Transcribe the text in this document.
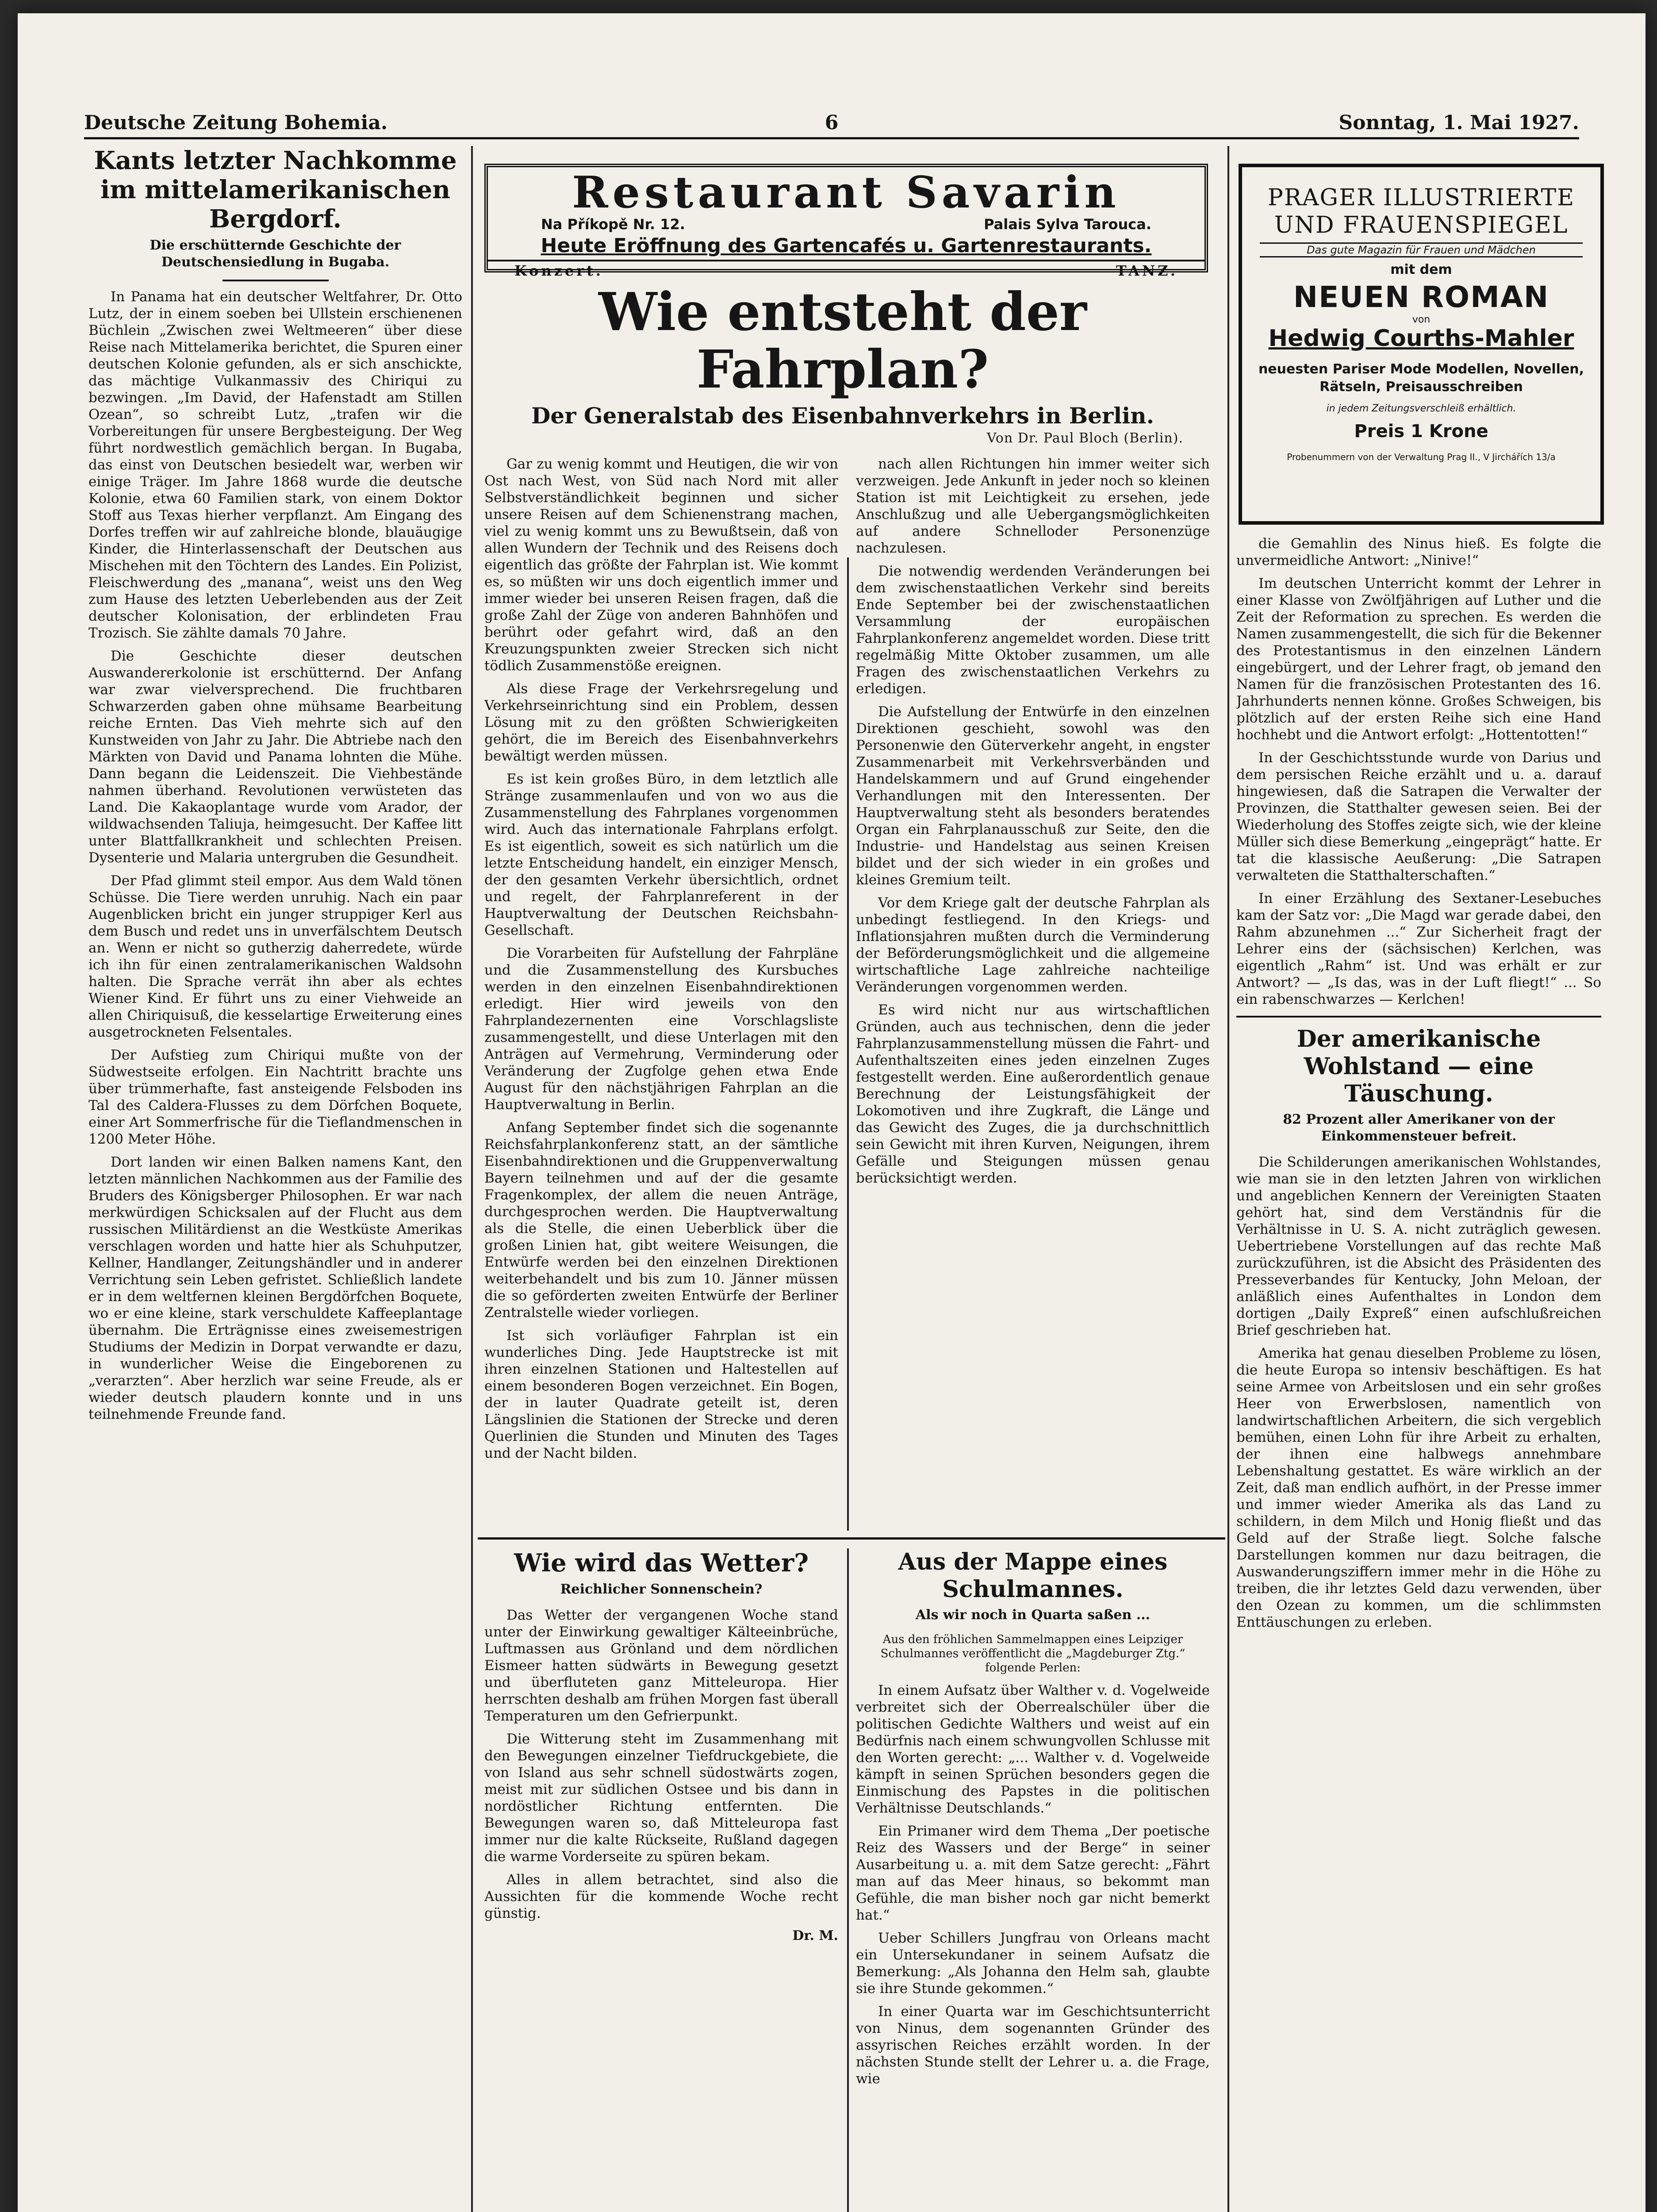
Deutsche Zeitung Bohemia.	6	Sonntag, 1. Mai 1927.
Kants letzter Nachkomme im mittelamerikanischen Bergdorf.
Die erschütternde Geschichte der Deutschensiedlung in Bugaba.

In Panama hat ein deutscher Weltfahrer, Dr. Otto Lutz, der in einem soeben bei Ullstein erschienenen Büchlein „Zwischen zwei Weltmeeren“ über diese Reise nach Mittelamerika berichtet, die Spuren einer deutschen Kolonie gefunden, als er sich anschickte, das mächtige Vulkanmassiv des Chiriqui zu bezwingen. „Im David, der Hafenstadt am Stillen Ozean“, so schreibt Lutz, „trafen wir die Vorbereitungen für unsere Bergbesteigung. Der Weg führt nordwestlich gemächlich bergan. In Bugaba, das einst von Deutschen besiedelt war, werben wir einige Träger. Im Jahre 1868 wurde die deutsche Kolonie, etwa 60 Familien stark, von einem Doktor Stoff aus Texas hierher verpflanzt. Am Eingang des Dorfes treffen wir auf zahlreiche blonde, blauäugige Kinder, die Hinterlassenschaft der Deutschen aus Mischehen mit den Töchtern des Landes. Ein Polizist, Fleischwerdung des „manana“, weist uns den Weg zum Hause des letzten Ueberlebenden aus der Zeit deutscher Kolonisation, der erblindeten Frau Trozisch. Sie zählte damals 70 Jahre.

Die Geschichte dieser deutschen Auswandererkolonie ist erschütternd. Der Anfang war zwar vielversprechend. Die fruchtbaren Schwarzerden gaben ohne mühsame Bearbeitung reiche Ernten. Das Vieh mehrte sich auf den Kunstweiden von Jahr zu Jahr. Die Abtriebe nach den Märkten von David und Panama lohnten die Mühe. Dann begann die Leidenszeit. Die Viehbestände nahmen überhand. Revolutionen verwüsteten das Land. Die Kakaoplantage wurde vom Arador, der wildwachsenden Taliuja, heimgesucht. Der Kaffee litt unter Blattfallkrankheit und schlechten Preisen. Dysenterie und Malaria untergruben die Gesundheit.

Der Pfad glimmt steil empor. Aus dem Wald tönen Schüsse. Die Tiere werden unruhig. Nach ein paar Augenblicken bricht ein junger struppiger Kerl aus dem Busch und redet uns in unverfälschtem Deutsch an. Wenn er nicht so gutherzig daherredete, würde ich ihn für einen zentralamerikanischen Waldsohn halten. Die Sprache verrät ihn aber als echtes Wiener Kind. Er führt uns zu einer Viehweide an allen Chiriquisuß, die kesselartige Erweiterung eines ausgetrockneten Felsentales.

Der Aufstieg zum Chiriqui mußte von der Südwestseite erfolgen. Ein Nachtritt brachte uns über trümmerhafte, fast ansteigende Felsboden ins Tal des Caldera-Flusses zu dem Dörfchen Boquete, einer Art Sommerfrische für die Tieflandmenschen in 1200 Meter Höhe.

Dort landen wir einen Balken namens Kant, den letzten männlichen Nachkommen aus der Familie des Bruders des Königsberger Philosophen. Er war nach merkwürdigen Schicksalen auf der Flucht aus dem russischen Militärdienst an die Westküste Amerikas verschlagen worden und hatte hier als Schuhputzer, Kellner, Handlanger, Zeitungshändler und in anderer Verrichtung sein Leben gefristet. Schließlich landete er in dem weltfernen kleinen Bergdörfchen Boquete, wo er eine kleine, stark verschuldete Kaffeeplantage übernahm. Die Erträgnisse eines zweisemestrigen Studiums der Medizin in Dorpat verwandte er dazu, in wunderlicher Weise die Eingeborenen zu „verarzten“. Aber herzlich war seine Freude, als er wieder deutsch plaudern konnte und in uns teilnehmende Freunde fand.

Restaurant Savarin
Na Příkopě Nr. 12.	Palais Sylva Tarouca.
Heute Eröffnung des Gartencafés u. Gartenrestaurants.
Konzert.	TANZ.
Wie entsteht der Fahrplan?
Der Generalstab des Eisenbahnverkehrs in Berlin.
Von Dr. Paul Bloch (Berlin).

Gar zu wenig kommt und Heutigen, die wir von Ost nach West, von Süd nach Nord mit aller Selbstverständlichkeit beginnen und sicher unsere Reisen auf dem Schienenstrang machen, viel zu wenig kommt uns zu Bewußtsein, daß von allen Wundern der Technik und des Reisens doch eigentlich das größte der Fahrplan ist. Wie kommt es, so müßten wir uns doch eigentlich immer und immer wieder bei unseren Reisen fragen, daß die große Zahl der Züge von anderen Bahnhöfen und berührt oder gefahrt wird, daß an den Kreuzungspunkten zweier Strecken sich nicht tödlich Zusammenstöße ereignen.

Als diese Frage der Verkehrsregelung und Verkehrseinrichtung sind ein Problem, dessen Lösung mit zu den größten Schwierigkeiten gehört, die im Bereich des Eisenbahnverkehrs bewältigt werden müssen.

Es ist kein großes Büro, in dem letztlich alle Stränge zusammenlaufen und von wo aus die Zusammenstellung des Fahrplanes vorgenommen wird. Auch das internationale Fahrplans erfolgt. Es ist eigentlich, soweit es sich natürlich um die letzte Entscheidung handelt, ein einziger Mensch, der den gesamten Verkehr übersichtlich, ordnet und regelt, der Fahrplanreferent in der Hauptverwaltung der Deutschen Reichsbahn-Gesellschaft.

Die Vorarbeiten für Aufstellung der Fahrpläne und die Zusammenstellung des Kursbuches werden in den einzelnen Eisenbahndirektionen erledigt. Hier wird jeweils von den Fahrplandezernenten eine Vorschlagsliste zusammengestellt, und diese Unterlagen mit den Anträgen auf Vermehrung, Verminderung oder Veränderung der Zugfolge gehen etwa Ende August für den nächstjährigen Fahrplan an die Hauptverwaltung in Berlin.

Anfang September findet sich die sogenannte Reichsfahrplankonferenz statt, an der sämtliche Eisenbahndirektionen und die Gruppenverwaltung Bayern teilnehmen und auf der die gesamte Fragenkomplex, der allem die neuen Anträge, durchgesprochen werden. Die Hauptverwaltung als die Stelle, die einen Ueberblick über die großen Linien hat, gibt weitere Weisungen, die Entwürfe werden bei den einzelnen Direktionen weiterbehandelt und bis zum 10. Jänner müssen die so geförderten zweiten Entwürfe der Berliner Zentralstelle wieder vorliegen.

Ist sich vorläufiger Fahrplan ist ein wunderliches Ding. Jede Hauptstrecke ist mit ihren einzelnen Stationen und Haltestellen auf einem besonderen Bogen verzeichnet. Ein Bogen, der in lauter Quadrate geteilt ist, deren Längslinien die Stationen der Strecke und deren Querlinien die Stunden und Minuten des Tages und der Nacht bilden.

nach allen Richtungen hin immer weiter sich verzweigen. Jede Ankunft in jeder noch so kleinen Station ist mit Leichtigkeit zu ersehen, jede Anschlußzug und alle Uebergangsmöglichkeiten auf andere Schnelloder Personenzüge nachzulesen.

Die notwendig werdenden Veränderungen bei dem zwischenstaatlichen Verkehr sind bereits Ende September bei der zwischenstaatlichen Versammlung der europäischen Fahrplankonferenz angemeldet worden. Diese tritt regelmäßig Mitte Oktober zusammen, um alle Fragen des zwischenstaatlichen Verkehrs zu erledigen.

Die Aufstellung der Entwürfe in den einzelnen Direktionen geschieht, sowohl was den Personenwie den Güterverkehr angeht, in engster Zusammenarbeit mit Verkehrsverbänden und Handelskammern und auf Grund eingehender Verhandlungen mit den Interessenten. Der Hauptverwaltung steht als besonders beratendes Organ ein Fahrplanausschuß zur Seite, den die Industrie- und Handelstag aus seinen Kreisen bildet und der sich wieder in ein großes und kleines Gremium teilt.

Vor dem Kriege galt der deutsche Fahrplan als unbedingt festliegend. In den Kriegs- und Inflationsjahren mußten durch die Verminderung der Beförderungsmöglichkeit und die allgemeine wirtschaftliche Lage zahlreiche nachteilige Veränderungen vorgenommen werden.

Es wird nicht nur aus wirtschaftlichen Gründen, auch aus technischen, denn die jeder Fahrplanzusammenstellung müssen die Fahrt- und Aufenthaltszeiten eines jeden einzelnen Zuges festgestellt werden. Eine außerordentlich genaue Berechnung der Leistungsfähigkeit der Lokomotiven und ihre Zugkraft, die Länge und das Gewicht des Zuges, die ja durchschnittlich sein Gewicht mit ihren Kurven, Neigungen, ihrem Gefälle und Steigungen müssen genau berücksichtigt werden.

Wie wird das Wetter?
Reichlicher Sonnenschein?

Das Wetter der vergangenen Woche stand unter der Einwirkung gewaltiger Kälteeinbrüche, Luftmassen aus Grönland und dem nördlichen Eismeer hatten südwärts in Bewegung gesetzt und überfluteten ganz Mitteleuropa. Hier herrschten deshalb am frühen Morgen fast überall Temperaturen um den Gefrierpunkt.

Die Witterung steht im Zusammenhang mit den Bewegungen einzelner Tiefdruckgebiete, die von Island aus sehr schnell südostwärts zogen, meist mit zur südlichen Ostsee und bis dann in nordöstlicher Richtung entfernten. Die Bewegungen waren so, daß Mitteleuropa fast immer nur die kalte Rückseite, Rußland dagegen die warme Vorderseite zu spüren bekam.

Alles in allem betrachtet, sind also die Aussichten für die kommende Woche recht günstig.

Dr. M.
Aus der Mappe eines Schulmannes.
Als wir noch in Quarta saßen ...
Aus den fröhlichen Sammelmappen eines Leipziger Schulmannes veröffentlicht die „Magdeburger Ztg.“ folgende Perlen:

In einem Aufsatz über Walther v. d. Vogelweide verbreitet sich der Oberrealschüler über die politischen Gedichte Walthers und weist auf ein Bedürfnis nach einem schwungvollen Schlusse mit den Worten gerecht: „... Walther v. d. Vogelweide kämpft in seinen Sprüchen besonders gegen die Einmischung des Papstes in die politischen Verhältnisse Deutschlands.“

Ein Primaner wird dem Thema „Der poetische Reiz des Wassers und der Berge“ in seiner Ausarbeitung u. a. mit dem Satze gerecht: „Fährt man auf das Meer hinaus, so bekommt man Gefühle, die man bisher noch gar nicht bemerkt hat.“

Ueber Schillers Jungfrau von Orleans macht ein Untersekundaner in seinem Aufsatz die Bemerkung: „Als Johanna den Helm sah, glaubte sie ihre Stunde gekommen.“

In einer Quarta war im Geschichtsunterricht von Ninus, dem sogenannten Gründer des assyrischen Reiches erzählt worden. In der nächsten Stunde stellt der Lehrer u. a. die Frage, wie

PRAGER ILLUSTRIERTE UND FRAUENSPIEGEL
Das gute Magazin für Frauen und Mädchen
mit dem
NEUEN ROMAN
von
Hedwig Courths-Mahler
neuesten Pariser Mode Modellen, Novellen, Rätseln, Preisausschreiben
in jedem Zeitungsverschleiß erhältlich.
Preis 1 Krone
Probenummern von der Verwaltung Prag II., V Jirchářích 13/a

die Gemahlin des Ninus hieß. Es folgte die unvermeidliche Antwort: „Ninive!“

Im deutschen Unterricht kommt der Lehrer in einer Klasse von Zwölfjährigen auf Luther und die Zeit der Reformation zu sprechen. Es werden die Namen zusammengestellt, die sich für die Bekenner des Protestantismus in den einzelnen Ländern eingebürgert, und der Lehrer fragt, ob jemand den Namen für die französischen Protestanten des 16. Jahrhunderts nennen könne. Großes Schweigen, bis plötzlich auf der ersten Reihe sich eine Hand hochhebt und die Antwort erfolgt: „Hottentotten!“

In der Geschichtsstunde wurde von Darius und dem persischen Reiche erzählt und u. a. darauf hingewiesen, daß die Satrapen die Verwalter der Provinzen, die Statthalter gewesen seien. Bei der Wiederholung des Stoffes zeigte sich, wie der kleine Müller sich diese Bemerkung „eingeprägt“ hatte. Er tat die klassische Aeußerung: „Die Satrapen verwalteten die Statthalterschaften.“

In einer Erzählung des Sextaner-Lesebuches kam der Satz vor: „Die Magd war gerade dabei, den Rahm abzunehmen ...“ Zur Sicherheit fragt der Lehrer eins der (sächsischen) Kerlchen, was eigentlich „Rahm“ ist. Und was erhält er zur Antwort? — „Is das, was in der Luft fliegt!“ ... So ein rabenschwarzes — Kerlchen!

Der amerikanische Wohlstand — eine Täuschung.
82 Prozent aller Amerikaner von der Einkommensteuer befreit.

Die Schilderungen amerikanischen Wohlstandes, wie man sie in den letzten Jahren von wirklichen und angeblichen Kennern der Vereinigten Staaten gehört hat, sind dem Verständnis für die Verhältnisse in U. S. A. nicht zuträglich gewesen. Uebertriebene Vorstellungen auf das rechte Maß zurückzuführen, ist die Absicht des Präsidenten des Presseverbandes für Kentucky, John Meloan, der anläßlich eines Aufenthaltes in London dem dortigen „Daily Expreß“ einen aufschlußreichen Brief geschrieben hat.

Amerika hat genau dieselben Probleme zu lösen, die heute Europa so intensiv beschäftigen. Es hat seine Armee von Arbeitslosen und ein sehr großes Heer von Erwerbslosen, namentlich von landwirtschaftlichen Arbeitern, die sich vergeblich bemühen, einen Lohn für ihre Arbeit zu erhalten, der ihnen eine halbwegs annehmbare Lebenshaltung gestattet. Es wäre wirklich an der Zeit, daß man endlich aufhört, in der Presse immer und immer wieder Amerika als das Land zu schildern, in dem Milch und Honig fließt und das Geld auf der Straße liegt. Solche falsche Darstellungen kommen nur dazu beitragen, die Auswanderungsziffern immer mehr in die Höhe zu treiben, die ihr letztes Geld dazu verwenden, über den Ozean zu kommen, um die schlimmsten Enttäuschungen zu erleben.
